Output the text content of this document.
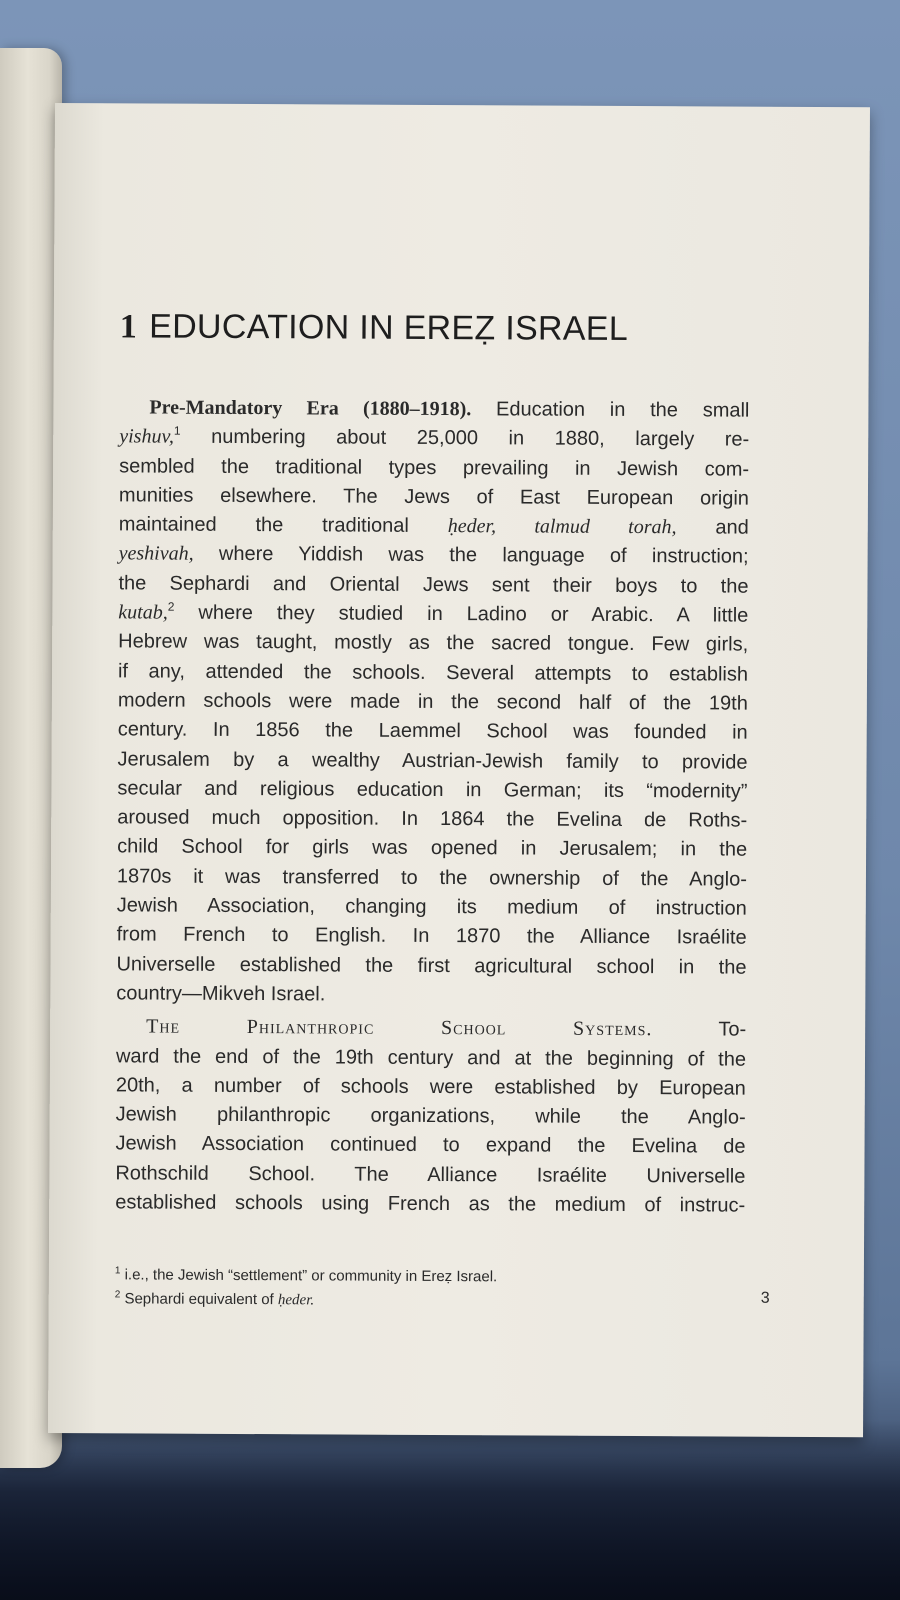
1 EDUCATION IN EREẒ ISRAEL
Pre-Mandatory Era (1880–1918). Education in the small
yishuv,$^1$ numbering about 25,000 in 1880, largely re-
sembled the traditional types prevailing in Jewish com-
munities elsewhere. The Jews of East European origin
maintained the traditional ḥeder, talmud torah, and
yeshivah, where Yiddish was the language of instruction;
the Sephardi and Oriental Jews sent their boys to the
kutab,$^2$ where they studied in Ladino or Arabic. A little
Hebrew was taught, mostly as the sacred tongue. Few girls,
if any, attended the schools. Several attempts to establish
modern schools were made in the second half of the 19th
century. In 1856 the Laemmel School was founded in
Jerusalem by a wealthy Austrian-Jewish family to provide
secular and religious education in German; its “modernity”
aroused much opposition. In 1864 the Evelina de Roths-
child School for girls was opened in Jerusalem; in the
1870s it was transferred to the ownership of the Anglo-
Jewish Association, changing its medium of instruction
from French to English. In 1870 the Alliance Israélite
Universelle established the first agricultural school in the
country—Mikveh Israel.
The Philanthropic School Systems. To-
ward the end of the 19th century and at the beginning of the
20th, a number of schools were established by European
Jewish philanthropic organizations, while the Anglo-
Jewish Association continued to expand the Evelina de
Rothschild School. The Alliance Israélite Universelle
established schools using French as the medium of instruc-
$^1$ i.e., the Jewish “settlement” or community in Ereẓ Israel.
$^2$ Sephardi equivalent of ḥeder.	3
